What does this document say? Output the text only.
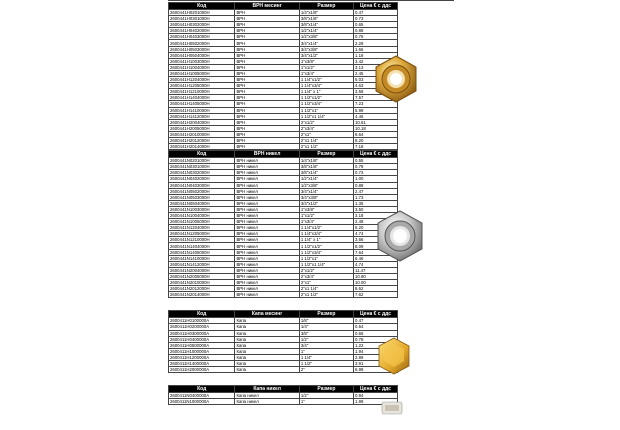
Код	ВРН месинг	Размер	Цена € с ддс
2600441H0201000H	ВРН	1/4"x1/8"	0.47
2600441H0301000H	ВРН	3/8"x1/8"	0.73
2600441H0302000H	ВРН	3/8"x1/4"	0.65
2600441H0402000H	ВРН	1/2"x1/4"	0.88
2600441H0403000H	ВРН	1/2"x3/8"	0.76
2600441H0502000H	ВРН	3/4"x1/4"	2.28
2600441H0503000H	ВРН	3/4"x3/8"	1.66
2600441H0504000H	ВРН	3/4"x1/2"	1.18
2600441H1003000H	ВРН	1"x3/8"	3.42
2600441H1004000H	ВРН	1"x1/2"	3.13
2600441H1005000H	ВРН	1"x3/4"	2.45
2600441H1204000H	ВРН	1 1/4"x1/2"	5.03
2600441H1205000H	ВРН	1 1/4"x3/4"	4.63
2600441H1210000H	ВРН	1 1/4" x 1"	3.58
2600441H1404000H	ВРН	1 1/2"x1/2"	7.57
2600441H1405000H	ВРН	1 1/2"x3/4"	7.23
2600441H1410000H	ВРН	1 1/2"x1"	5.98
2600441H1412000H	ВРН	1 1/2"x1 1/4"	4.46
2600441H2004000H	ВРН	2"x1/2"	10.61
2600441H2005000H	ВРН	2"x3/4"	10.18
2600441H2010000H	ВРН	2"x1"	8.64
2600441H2012000H	ВРН	2"x1 1/4"	8.20
2600441H2014000H	ВРН	2"x1 1/2"	7.18
Код	ВРН никел	Размер	Цена € с ддс
2600441N0201000H	ВРН никел	1/4"x1/8"	0.55
2600441N0301000H	ВРН никел	3/8"x1/8"	0.79
2600441N0302000H	ВРН никел	3/8"x1/4"	0.73
2600441N0402000H	ВРН никел	1/2"x1/4"	1.00
2600441N0403000H	ВРН никел	1/2"x3/8"	0.88
2600441N0502000H	ВРН никел	3/4"x1/4"	2.47
2600441N0503000H	ВРН никел	3/4"x3/8"	1.73
2600441N0504000H	ВРН никел	3/4"x1/2"	1.35
2600441N1003000H	ВРН никел	1"x3/8"	3.50
2600441N1004000H	ВРН никел	1"x1/2"	3.18
2600441N1005000H	ВРН никел	1"x3/4"	2.48
2600441N1204000H	ВРН никел	1 1/4"x1/2"	5.20
2600441N1205000H	ВРН никел	1 1/4"x3/4"	4.74
2600441N1210000H	ВРН никел	1 1/4" x 1"	3.66
2600441N1404000H	ВРН никел	1 1/2"x1/2"	8.09
2600441N1405000H	ВРН никел	1 1/2"x3/4"	7.64
2600441N1410000H	ВРН никел	1 1/2"x1"	6.46
2600441N1412000H	ВРН никел	1 1/2"x1 1/4"	4.74
2600441N2004000H	ВРН никел	2"x1/2"	11.47
2600441N2005000H	ВРН никел	2"x3/4"	10.90
2600441N2010000H	ВРН никел	2"x1"	10.00
2600441N2012000H	ВРН никел	2"x1 1/4"	8.62
2600441N2014000H	ВРН никел	2"x1 1/2"	7.62
Код	Капа месинг	Размер	Цена € с ддс
2600411H0100000A	Капа	1/8"	0.47
2600411H0200000A	Капа	1/4"	0.54
2600411H0300000A	Капа	3/8"	0.65
2600411H0400000A	Капа	1/2"	0.78
2600411H0500000A	Капа	3/4"	1.22
2600411H1000000A	Капа	1"	1.94
2600411H1200000A	Капа	1 1/4"	2.89
2600411H1400000A	Капа	1 1/2"	3.91
2600411H2000000A	Капа	2"	6.98
Код	Капа никел	Размер	Цена € с ддс
2600411N0400000A	Капа никел	1/2"	0.94
2600411N1000000A	Капа никел	1"	1.98
